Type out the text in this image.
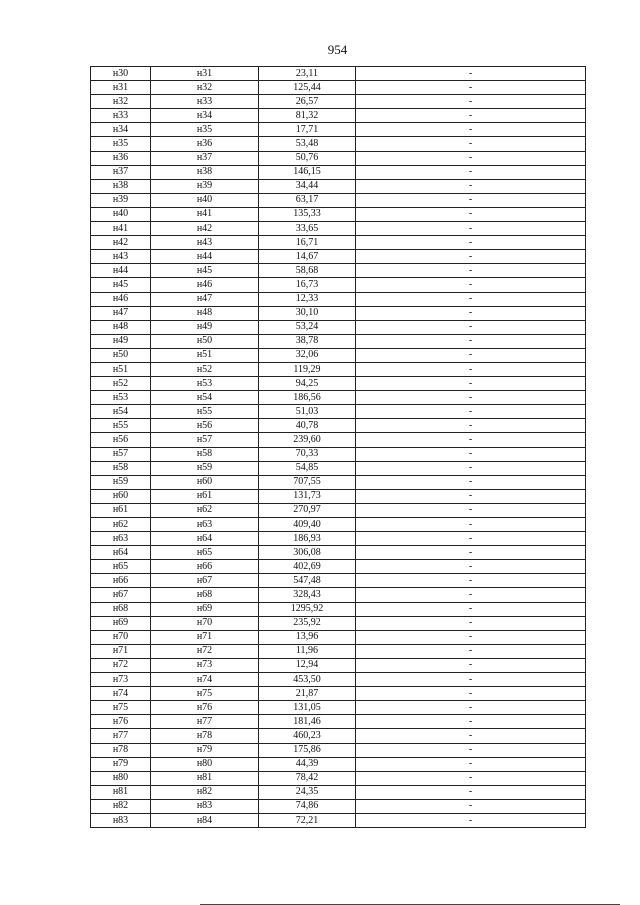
954
н30	н31	23,11	-
н31	н32	125,44	-
н32	н33	26,57	-
н33	н34	81,32	-
н34	н35	17,71	-
н35	н36	53,48	-
н36	н37	50,76	-
н37	н38	146,15	-
н38	н39	34,44	-
н39	н40	63,17	-
н40	н41	135,33	-
н41	н42	33,65	-
н42	н43	16,71	-
н43	н44	14,67	-
н44	н45	58,68	-
н45	н46	16,73	-
н46	н47	12,33	-
н47	н48	30,10	-
н48	н49	53,24	-
н49	н50	38,78	-
н50	н51	32,06	-
н51	н52	119,29	-
н52	н53	94,25	-
н53	н54	186,56	-
н54	н55	51,03	-
н55	н56	40,78	-
н56	н57	239,60	-
н57	н58	70,33	-
н58	н59	54,85	-
н59	н60	707,55	-
н60	н61	131,73	-
н61	н62	270,97	-
н62	н63	409,40	-
н63	н64	186,93	-
н64	н65	306,08	-
н65	н66	402,69	-
н66	н67	547,48	-
н67	н68	328,43	-
н68	н69	1295,92	-
н69	н70	235,92	-
н70	н71	13,96	-
н71	н72	11,96	-
н72	н73	12,94	-
н73	н74	453,50	-
н74	н75	21,87	-
н75	н76	131,05	-
н76	н77	181,46	-
н77	н78	460,23	-
н78	н79	175,86	-
н79	н80	44,39	-
н80	н81	78,42	-
н81	н82	24,35	-
н82	н83	74,86	-
н83	н84	72,21	-
